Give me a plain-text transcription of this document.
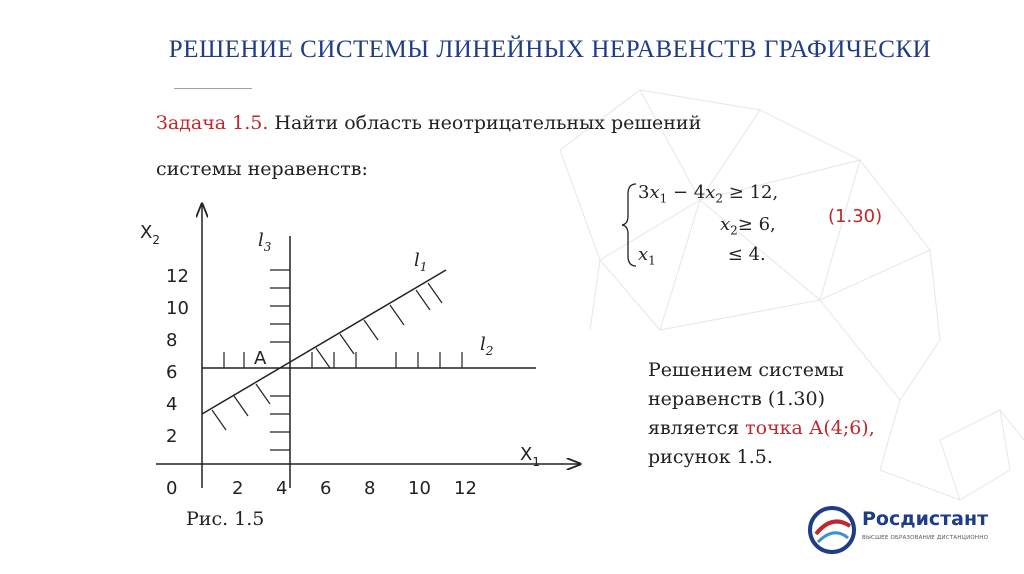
РЕШЕНИЕ СИСТЕМЫ ЛИНЕЙНЫХ НЕРАВЕНСТВ ГРАФИЧЕСКИ
Задача 1.5. Найти область неотрицательных решений
системы неравенств:
$3x_1 - 4x_2 \ge 12$,
$x_2\ge 6$,
$x_1$	≤ 4.
(1.30)
Решением системы
неравенств (1.30)
является точка А(4;6),
рисунок 1.5.
$X_2$
$X_1$
12
10
8
6
4
2
0	2 4 6 8 10 12
A
$l_3$
$l_1$
$l_2$
Рис. 1.5	Росдистант
ВЫСШЕЕ ОБРАЗОВАНИЕ ДИСТАНЦИОННО
